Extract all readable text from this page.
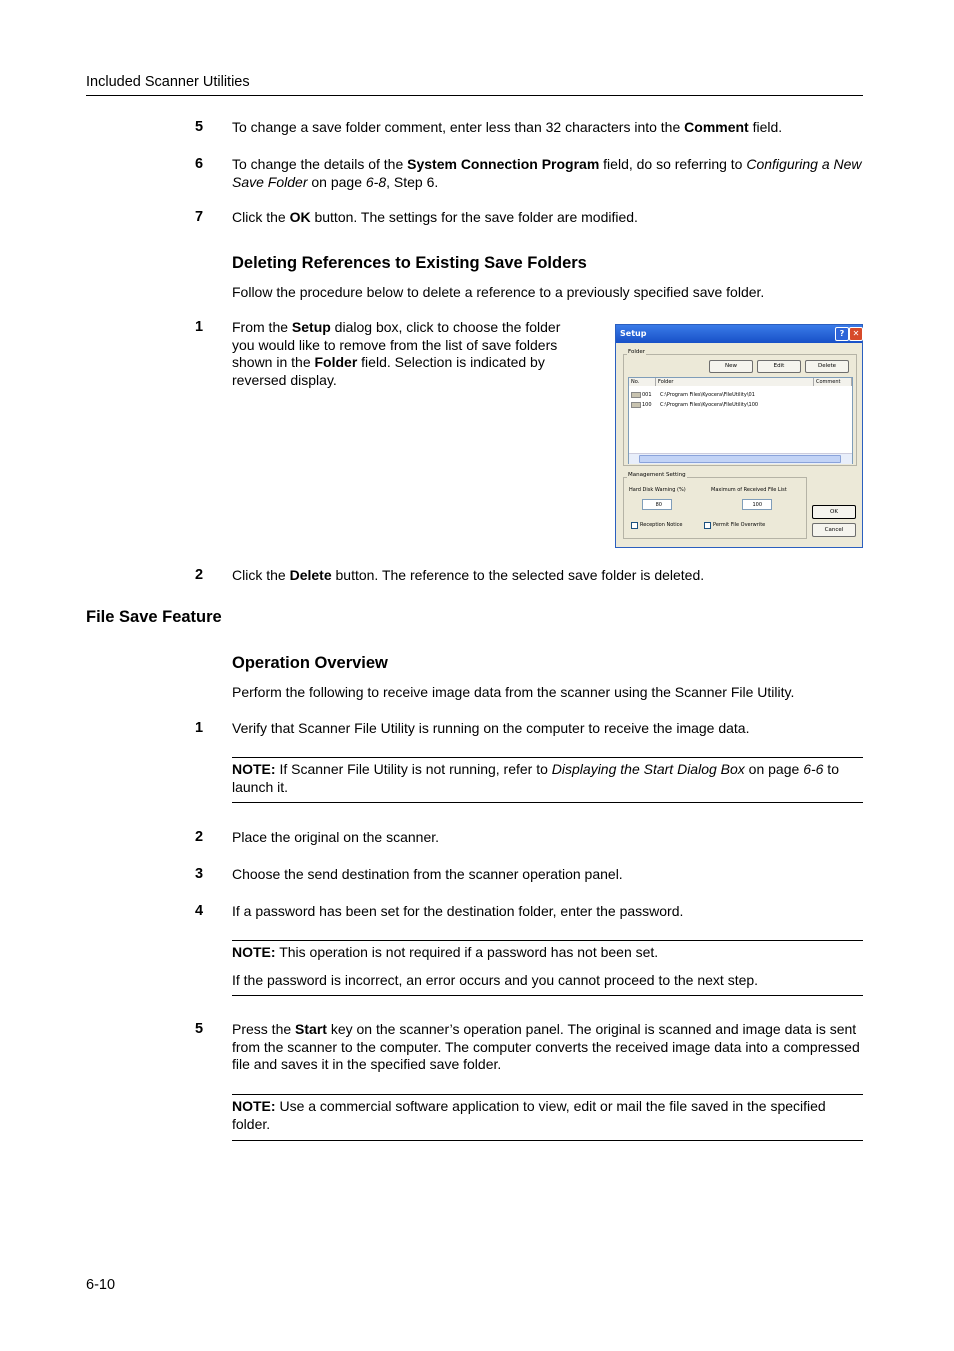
Included Scanner Utilities
5 To change a save folder comment, enter less than 32 characters into the Comment field.
6 To change the details of the System Connection Program field, do so referring to Configuring a New Save Folder on page 6-8, Step 6.
7 Click the OK button. The settings for the save folder are modified.
Deleting References to Existing Save Folders
Follow the procedure below to delete a reference to a previously specified save folder.
1 From the Setup dialog box, click to choose the folder you would like to remove from the list of save folders shown in the Folder field. Selection is indicated by reversed display.
Setup	?	✕
Folder
New	Edit	Delete
No.	Folder	Comment
001 C:\Program Files\Kyocera\FileUtility\01
100 C:\Program Files\Kyocera\FileUtility\100
Management Setting
Hard Disk Warning (%)
80
Maximum of Received File List
100
Reception Notice	Permit File Overwrite
OK
Cancel
2 Click the Delete button. The reference to the selected save folder is deleted.
File Save Feature
Operation Overview
Perform the following to receive image data from the scanner using the Scanner File Utility.
1 Verify that Scanner File Utility is running on the computer to receive the image data.
NOTE: If Scanner File Utility is not running, refer to Displaying the Start Dialog Box on page 6-6 to launch it.
2 Place the original on the scanner.
3 Choose the send destination from the scanner operation panel.
4 If a password has been set for the destination folder, enter the password.
NOTE: This operation is not required if a password has not been set.
If the password is incorrect, an error occurs and you cannot proceed to the next step.
5 Press the Start key on the scanner’s operation panel. The original is scanned and image data is sent from the scanner to the computer. The computer converts the received image data into a compressed file and saves it in the specified save folder.
NOTE: Use a commercial software application to view, edit or mail the file saved in the specified folder.
6-10
